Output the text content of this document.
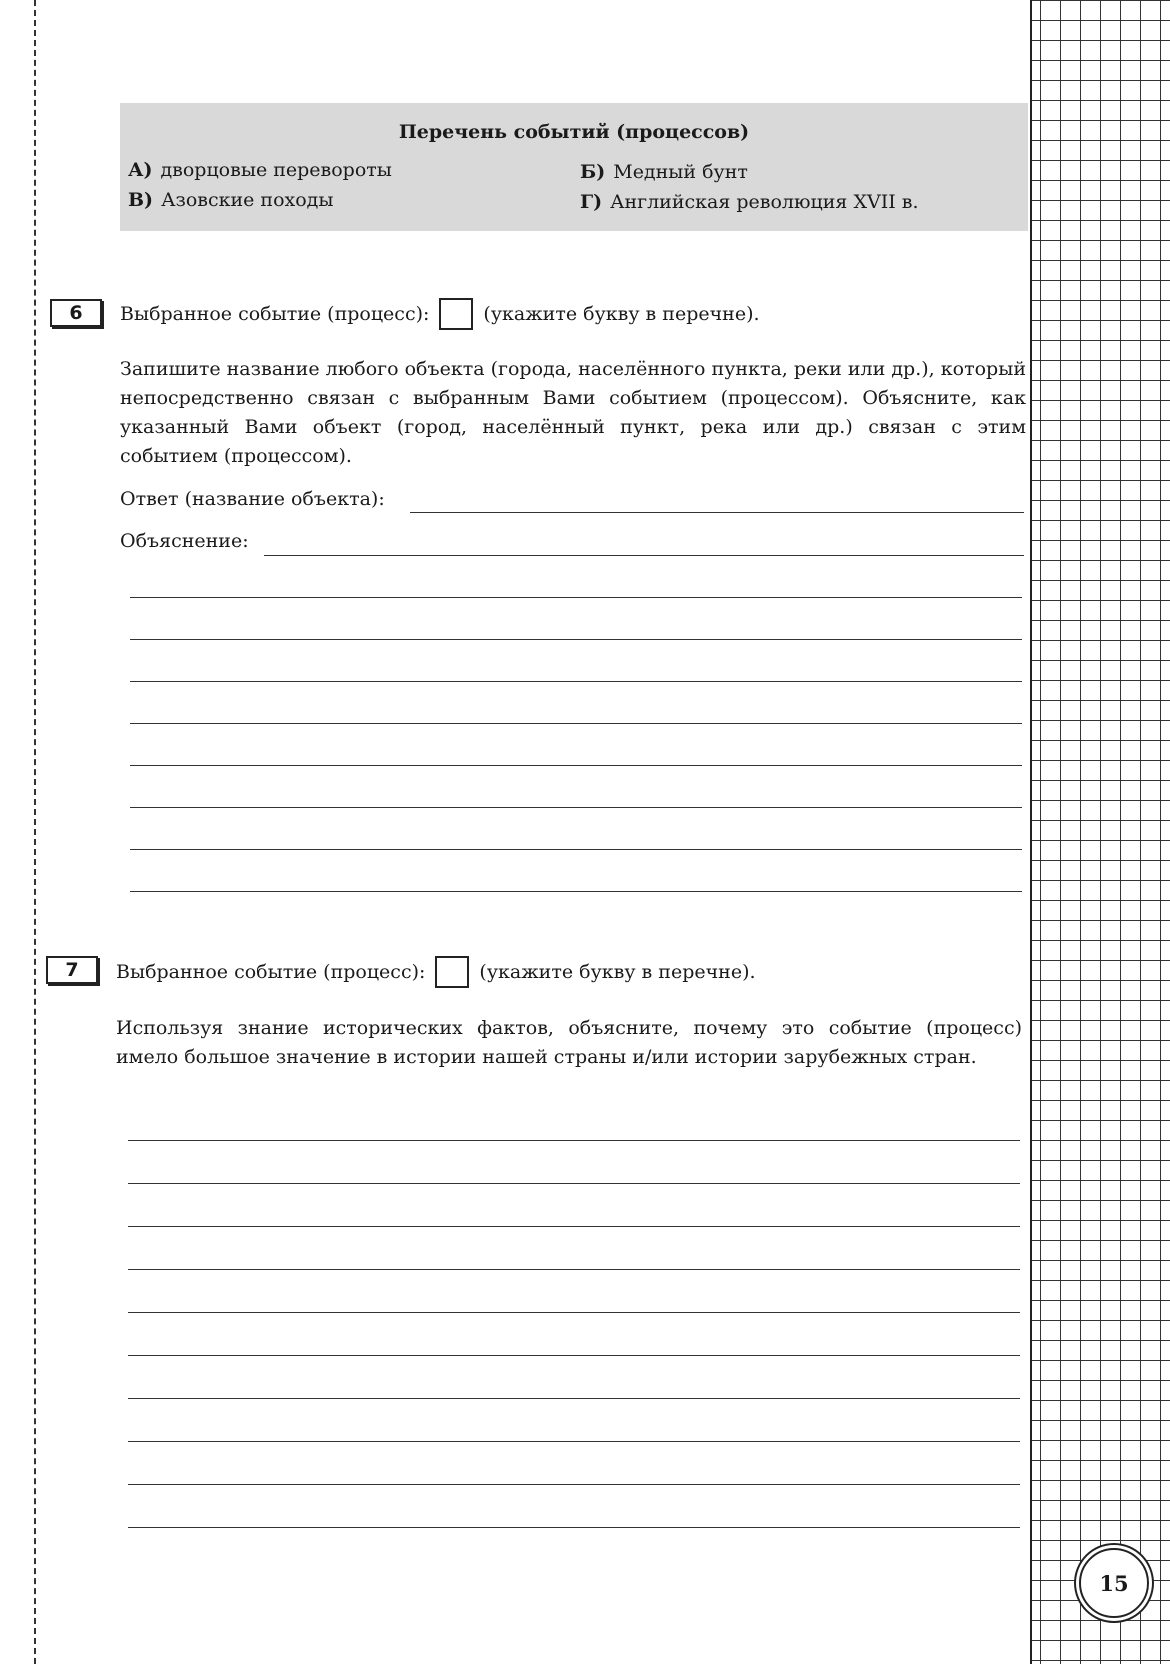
Перечень событий (процессов)
А) дворцовые перевороты	Б) Медный бунт
В) Азовские походы	Г) Английская революция XVII в.
6	Выбранное событие (процесс):	(укажите букву в перечне).
Запишите название любого объекта (города, населённого пункта, реки или др.), который непосредственно связан с выбранным Вами событием (процессом). Объясните, как указанный Вами объект (город, населённый пункт, река или др.) связан с этим событием (процессом).
Ответ (название объекта):
Объяснение:
7	Выбранное событие (процесс):	(укажите букву в перечне).
Используя знание исторических фактов, объясните, почему это событие (процесс) имело большое значение в истории нашей страны и/или истории зарубежных стран.
15
